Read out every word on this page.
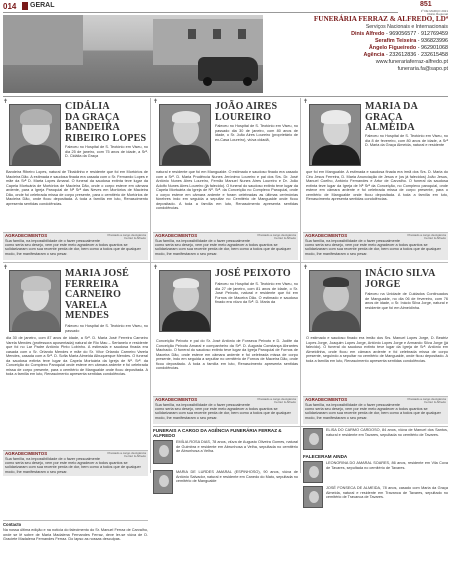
014 GERAL	851
1º DE MARÇO 2021
Diário Regional
FUNERÁRIA FERRAZ & ALFREDO, LDª
Serviços Nacionais e Internacionais
Dinis Alfredo - 969056577 · 912769459
Serafim Teixeira - 936823996
Ângelo Figueiredo - 962901068
Agência - 232612836 · 232615458
www.funerariaferraz-alfredo.pt
funeraria.fa@sapo.pt
✝	CIDÁLIA
DA GRAÇA
BANDEIRA
RIBEIRO LOPES
Faleceu no Hospital de S. Teotónio em Viseu, no dia 25 de janeiro, com 75 anos de idade, a Srª. D. Cidália da Graça
Bandeira Ribeiro Lopes, natural de Tibaldinho e residente que foi em Mortórios de Macieira Dão. A estimada e saudosa finada era casada com o Sr. Fernando Lopes e mãe da Srª D. Marta Lopes Amaral. O funeral da saudosa extinta teve lugar da Capela Mortuária de Mortórios de Macieira Dão, onde o corpo esteve em câmara ardente, para a Igreja Paroquial de Nª Srª das Neves em Mortórios de Macieira Dão, onde foi celebrada missa de corpo presente, para o cemitério de Mortórios de Macieira Dão, onde ficou depositada. A toda a família em luto, Renascimento apresenta sentidas condolências.
Prestado a cargo da Agência Ferraz & Alfredo
AGRADECIMENTOS
Sua família, na impossibilidade de o fazer pessoalmente como seria seu desejo, vem por este meio agradecer a todos quantos se solidarizaram com sua recente perda de dor, bem como a todos que de qualquer modo, lhe manifestaram o seu pesar.
✝	JOÃO AIRES
LOUREIRO
Faleceu no Hospital de S. Teotónio em Viseu, no passado dia 30 de janeiro, com 80 anos de idade, o Sr. João Aires Loureiro (proprietário de ex-Casa Loureiro), viúva cidadã,
natural e residente que foi em Mangualde. O estimado e saudoso finado era casado com a Srª. D. Maria Prudência Nunes Jerónimo Loureiro e pai dos Srs. Dr. José António Nunes Aires Loureiro, Fernão Manuel Nunes Aires Loureiro e Dr. João Adolfo Nunes Aires Loureiro (já falecido). O funeral do saudoso extinto teve lugar da Capela Mortuária da Igreja de Nª. Srª. da Conceição no Complexo Paroquial, onde o corpo esteve em câmara ardente e foram celebradas as últimas cerimónias fúnebres indo em seguida a sepultar no Cemitério de Mangualde onde ficou depositado. A toda a família em luto, Renascimento apresenta sentidas condolências.
Prestado a cargo da Agência Ferraz & Alfredo
AGRADECIMENTOS
Sua família, na impossibilidade de o fazer pessoalmente como seria seu desejo, vem por este meio agradecer a todos quantos se solidarizaram com sua recente perda de dor, bem como a todos que de qualquer modo, lhe manifestaram o seu pesar.
✝	MARIA DA
GRAÇA
ALMEIDA
Faleceu no Hospital de S. Teotónio em Viseu, no dia 8 de fevereiro, com 80 anos de idade, a Srª D. Maria da Graça Almeida, natural e residente
que foi em Mangualde. A estimada e saudosa finada era irmã dos Srs. D. Maria do Céu Jesus Ferreira, D. Maria Anunciação de Jesus e (os já falecidos) João Jesus, Manuel Coelho, António Fernandes e Artur de Carvalho. O funeral da saudosa extinta teve lugar da Igreja de Nª Srª da Conceição, no Complexo paroquial, onde esteve em câmara ardente e foi celebrada missa de corpo presente, para o cemitério de Mangualde onde ficou depositada. A toda a família em luto, Renascimento apresenta sentidas condolências.
Prestado a cargo da Agência Ferraz & Alfredo
AGRADECIMENTOS
Sua família, na impossibilidade de o fazer pessoalmente como seria seu desejo, vem por este meio agradecer a todos quantos se solidarizaram com sua recente perda de dor, bem como a todos que de qualquer modo, lhe manifestaram o seu pesar.
✝
MARIA JOSÉ
FERREIRA
CARNEIRO
VARELA
MENDES
Faleceu no Hospital de S. Teotónio em Viseu, no passado
dia 30 de janeiro, com 87 anos de idade, a Srª. D. Maria José Ferreira Carneiro Varela Mendes (professora aposentada) natural de Rio Mau – Sertanelo e residente que foi no Lar Padre António Pinto Lobinho. A estimada e saudosa finada era casada com o Sr. Orlando Mendes e mãe do Sr. Vítor Orlando Carneiro Varela Mendes, casada com a Srª. D. Sofia Maria Almeida Albuquerque Mendes. O funeral da saudosa extinta teve lugar da Capela Mortuária da Igreja de Nª. Srª. da Conceição do Complexo Paroquial onde esteve em câmara ardente e foi celebrada missa de corpo presente, para o cemitério de Mangualde onde ficou depositada. A toda a família em luto, Renascimento apresenta sentidas condolências.
Prestado a cargo da Agência Ferraz & Alfredo
AGRADECIMENTOS
Sua família, na impossibilidade de o fazer pessoalmente como seria seu desejo, vem por este meio agradecer a todos quantos se solidarizaram com sua recente perda de dor, bem como a todos que de qualquer modo, lhe manifestaram o seu pesar.
✝
JOSÉ PEIXOTO
Faleceu no Hospital de S. Teotónio em Viseu, no dia 27 de janeiro, com 81 anos de idade, o Sr. José Peixoto, natural e residente que foi em Fornos de Maceira Dão. O estimado e saudoso finado era viúvo da Srª. D. Maria da
Conceição Peixoto e pai do Sr. José António de Fonseca Peixoto e D. Judite da Conceição Peixoto Amaral e companheiro da Srª. D. Augusta Constança Abrantes Machado. O funeral do saudoso extinto teve lugar da Igreja Paroquial de Fornos de Maceira Dão, onde esteve em câmara ardente e foi celebrada missa de corpo presente, indo em seguida a sepultar no cemitério de Fornos de Maceira Dão, onde ficou depositado. A toda a família em luto, Renascimento apresenta sentidas condolências.
Prestado a cargo da Agência Ferraz & Alfredo
AGRADECIMENTOS
Sua família, na impossibilidade de o fazer pessoalmente como seria seu desejo, vem por este meio agradecer a todos quantos se solidarizaram com sua recente perda de dor, bem como a todos que de qualquer modo, lhe manifestaram o seu pesar.
✝
INÁCIO SILVA
JORGE
Faleceu na Unidade de Cuidados Continuados de Mangualde, no dia 06 de fevereiro, com 76 anos de idade, o Sr. Inácio Silva Jorge, natural e residente que foi em Almeidinha.
O estimado e saudoso finado era irmão dos Srs. Manuel Lopes Jorge, D. Beatriz Lopes Jorge, Joaquim Lopes Jorge, António Lopes Jorge e Armando Silva Jorge (já falecido). O funeral do saudoso extinto teve lugar da Igreja de Srª. António em Almeidinha, onde ficou em câmara ardente e foi celebrada missa de corpo presente, seguindo a sepultar no cemitério de Mangualde, onde ficou depositado. A toda a família em luto, Renascimento apresenta sentidas condolências.
Prestado a cargo da Agência Ferraz & Alfredo
AGRADECIMENTOS
Sua família, na impossibilidade de o fazer pessoalmente como seria seu desejo, vem por este meio agradecer a todos quantos se solidarizaram com sua recente perda de dor, bem como a todos que de qualquer modo, lhe manifestaram o seu pesar.
FUNERAIS A CARGO DA AGÊNCIA FUNERÁRIA FERRAZ & ALFREDO
EMÍLIA ROSA DIAS, 78 anos, viúva de Augusto Oliveira Gomes, natural de Guimbra e residente em Abrunhosa a Velha, sepultada no cemitério de Abrunhosa a Velha.
MARIA DE LURDES AMARAL (ESPINHOSO), 90 anos, viúva de António Salvador, natural e residente em Canedo do Mato, sepultada no cemitério de Mangualde
ELISA DO CARMO CARDOSO, 84 anos, viúva de Manuel dos Santos, natural e residente em Tavares, sepultada no cemitério de Tavares.
FALECERAM AINDA
LEONORINA DO AMARAL SOARES, 86 anos, residente em Vila Cova de Tavares, sepultada no cemitério de Tavares.
JOSÉ FONSECA DE ALMEIDA, 78 anos, casado com Maria da Graça Almeida, natural e residente em Travanca de Tavares, sepultado no cemitério de Travanca de Tavares.
Contacto
Na nossa última edição e na notícia do falecimento do Sr. Manuel Ferraz de Carvalho, onde se lê sobre de Maria Madalena Fernandes Ferraz, deve ler-se viúva de D. Graciete Madalena Fernandes Ferraz. Do lapso as nossas desculpas.
